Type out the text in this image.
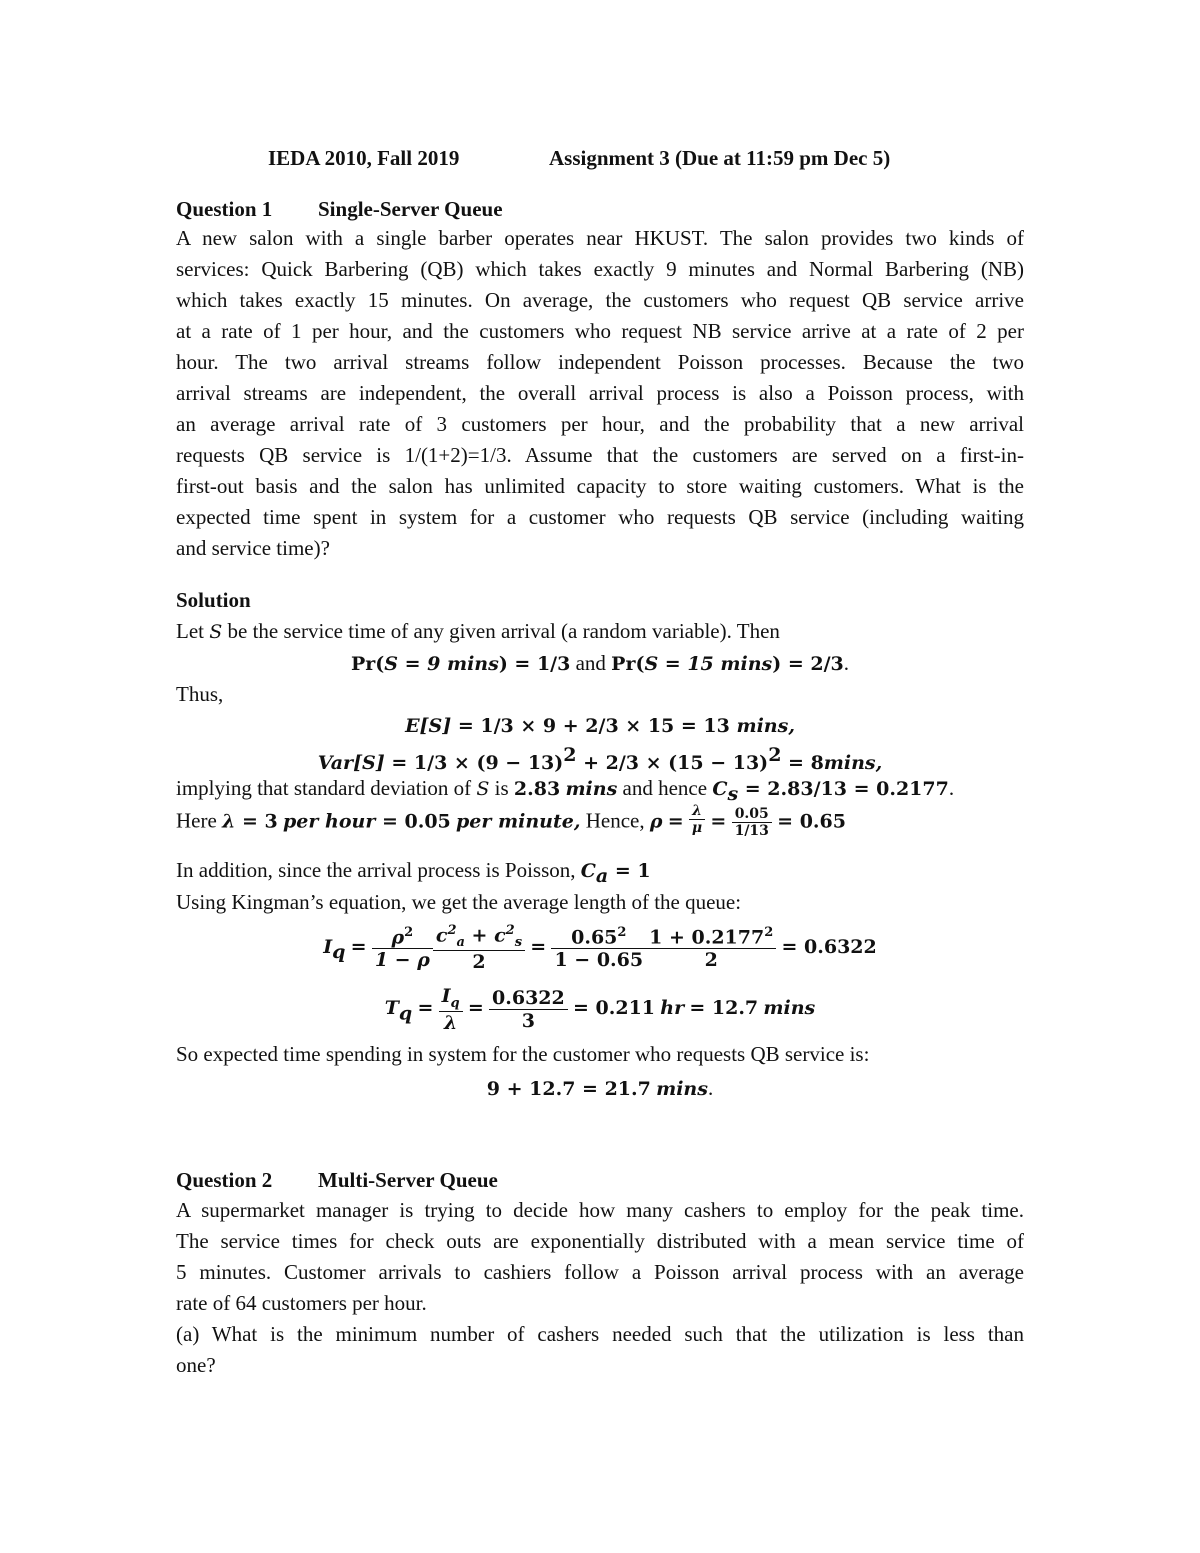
IEDA 2010, Fall 2019	Assignment 3 (Due at 11:59 pm Dec 5)
Question 1 Single-Server Queue
A new salon with a single barber operates near HKUST. The salon provides two kinds of
services: Quick Barbering (QB) which takes exactly 9 minutes and Normal Barbering (NB)
which takes exactly 15 minutes. On average, the customers who request QB service arrive
at a rate of 1 per hour, and the customers who request NB service arrive at a rate of 2 per
hour. The two arrival streams follow independent Poisson processes. Because the two
arrival streams are independent, the overall arrival process is also a Poisson process, with
an average arrival rate of 3 customers per hour, and the probability that a new arrival
requests QB service is 1/(1+2)=1/3. Assume that the customers are served on a first-in-
first-out basis and the salon has unlimited capacity to store waiting customers. What is the
expected time spent in system for a customer who requests QB service (including waiting
and service time)?
Solution
Let S be the service time of any given arrival (a random variable). Then
Pr(S = 9 mins) = 1/3 and Pr(S = 15 mins) = 2/3.
Thus,
E[S] = 1/3 × 9 + 2/3 × 15 = 13 mins,
$Var[S] = 1/3 \times (9 - 13)^2 + 2/3 \times (15 - 13)^2 = 8\min s$,
implying that standard deviation of S is 2.83 mins and hence $C_s = 2.83/13 = 0.2177$.
Here λ = 3 per hour = 0.05 per minute, Hence, $\rho = \frac{\lambda}{\mu} = \frac{0.05}{1/13} = 0.65$
In addition, since the arrival process is Poisson, $C_a = 1$
Using Kingman’s equation, we get the average length of the queue:
$I_q = \frac{\rho^2}{1 - \rho} \frac{c^2_a + c^2_s}{2} = \frac{0.65^2}{1 - 0.65} \frac{1 + 0.2177^2}{2} = 0.6322$
$T_q = \frac{I_q}{\lambda} = \frac{0.6322}{3} = 0.211$ hr = 12.7 mins
So expected time spending in system for the customer who requests QB service is:
9 + 12.7 = 21.7 mins.
Question 2 Multi-Server Queue
A supermarket manager is trying to decide how many cashers to employ for the peak time.
The service times for check outs are exponentially distributed with a mean service time of
5 minutes. Customer arrivals to cashiers follow a Poisson arrival process with an average
rate of 64 customers per hour.
(a) What is the minimum number of cashers needed such that the utilization is less than
one?
